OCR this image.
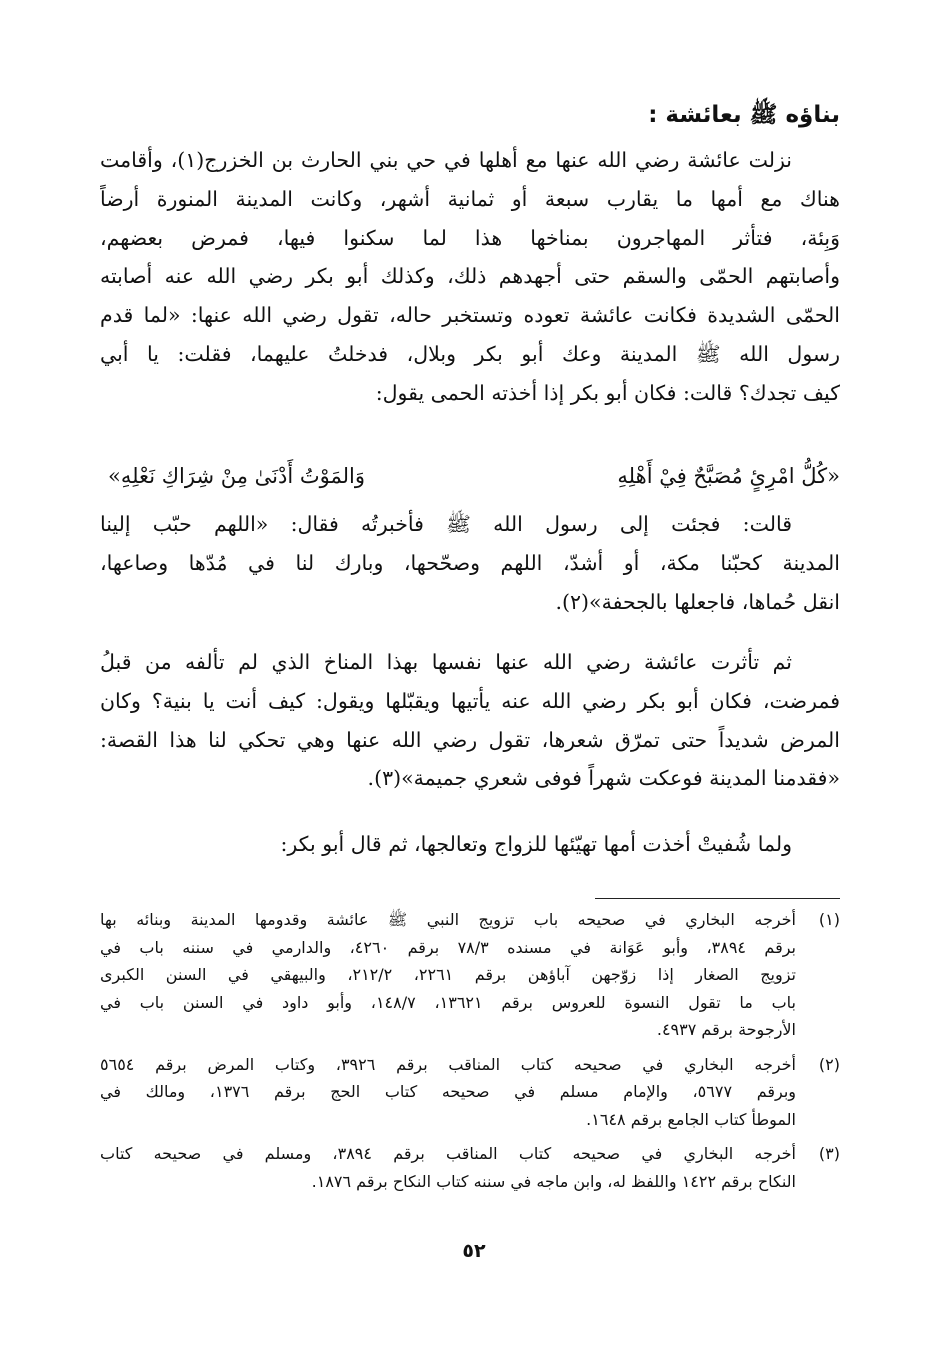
بناؤه ﷺ بعائشة :
نزلت عائشة رضي الله عنها مع أهلها في حي بني الحارث بن الخزرج(١)، وأقامت
هناك مع أمها ما يقارب سبعة أو ثمانية أشهر، وكانت المدينة المنورة أرضاً
وَبِئة، فتأثر المهاجرون بمناخها هذا لما سكنوا فيها، فمرض بعضهم،
وأصابتهم الحمّى والسقم حتى أجهدهم ذلك، وكذلك أبو بكر رضي الله عنه أصابته
الحمّى الشديدة فكانت عائشة تعوده وتستخبر حاله، تقول رضي الله عنها: «لما قدم
رسول الله ﷺ المدينة وعك أبو بكر وبلال، فدخلتُ عليهما، فقلت: يا أبي
كيف تجدك؟ قالت: فكان أبو بكر إذا أخذته الحمى يقول:
قالت: فجئت إلى رسول الله ﷺ فأخبرتُه فقال: «اللهم حبّب إلينا
المدينة كحبّنا مكة، أو أشدّ، اللهم وصحّحها، وبارك لنا في مُدّها وصاعها،
انقل حُماها، فاجعلها بالجحفة»(٢).
ثم تأثرت عائشة رضي الله عنها نفسها بهذا المناخ الذي لم تألفه من قبلُ
فمرضت، فكان أبو بكر رضي الله عنه يأتيها ويقبّلها ويقول: كيف أنت يا بنية؟ وكان
المرض شديداً حتى تمرّق شعرها، تقول رضي الله عنها وهي تحكي لنا هذا القصة:
«فقدمنا المدينة فوعكت شهراً فوفى شعري جميمة»(٣).
ولما شُفيتْ أخذت أمها تهيّئها للزواج وتعالجها، ثم قال أبو بكر:
«كُلُّ امْرِئٍ مُصَبَّحٌ فِيْ أَهْلِهِ
وَالمَوْتُ أَدْنَىٰ مِنْ شِرَاكِ نَعْلِهِ»
(١)
أخرجه البخاري في صحيحه باب تزويج النبي ﷺ عائشة وقدومها المدينة وبنائه بها
برقم ٣٨٩٤، وأبو عَوَانة في مسنده ٧٨/٣ برقم ٤٢٦٠، والدارمي في سننه باب في
تزويج الصغار إذا زوّجهن آباؤهن برقم ٢٢٦١، ٢١٢/٢، والبيهقي في السنن الكبرى
باب ما تقول النسوة للعروس برقم ١٣٦٢١، ١٤٨/٧، وأبو داود في السنن باب في
الأرجوحة برقم ٤٩٣٧.
(٢)
أخرجه البخاري في صحيحه كتاب المناقب برقم ٣٩٢٦، وكتاب المرض برقم ٥٦٥٤
وبرقم ٥٦٧٧، والإمام مسلم في صحيحه كتاب الحج برقم ١٣٧٦، ومالك في
الموطأ كتاب الجامع برقم ١٦٤٨.
(٣)
أخرجه البخاري في صحيحه كتاب المناقب برقم ٣٨٩٤، ومسلم في صحيحه كتاب
النكاح برقم ١٤٢٢ واللفظ له، وابن ماجه في سننه كتاب النكاح برقم ١٨٧٦.
٥٢
